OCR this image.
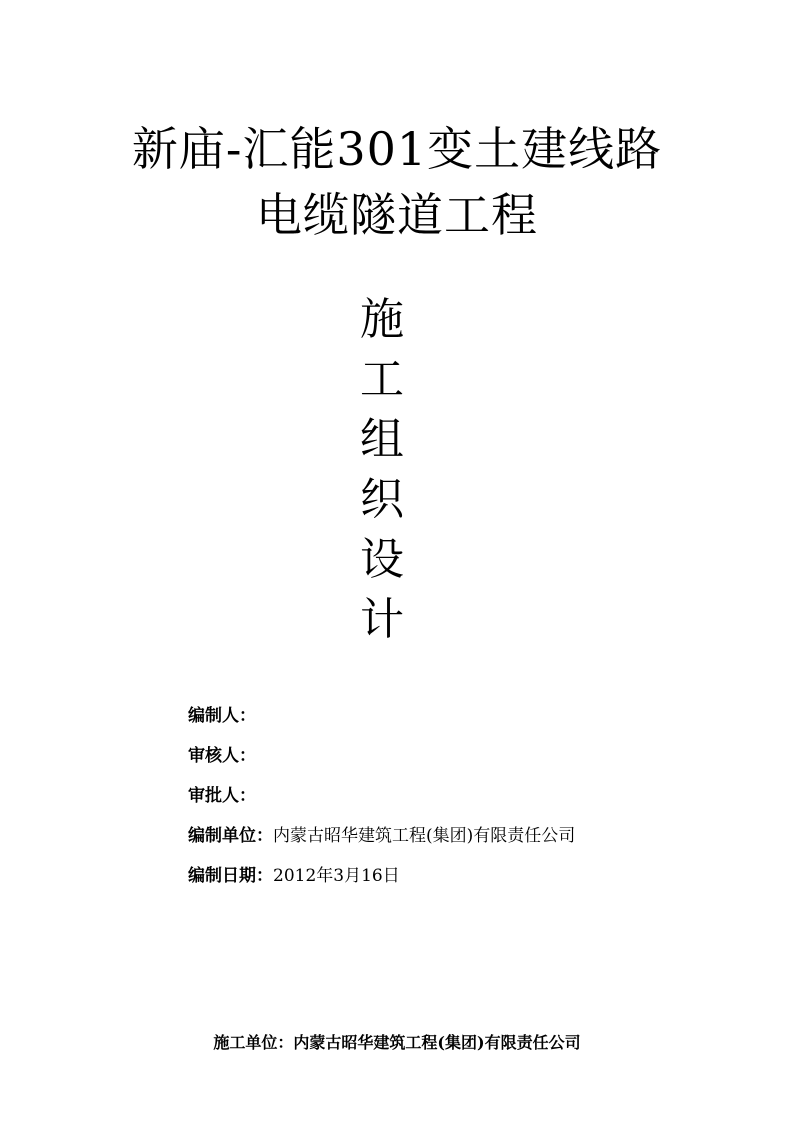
新庙-汇能301变土建线路
电缆隧道工程
施
工
组
织
设
计
编制人：
审核人：
审批人：
编制单位：内蒙古昭华建筑工程(集团)有限责任公司
编制日期：2012年3月16日
施工单位：内蒙古昭华建筑工程(集团)有限责任公司
